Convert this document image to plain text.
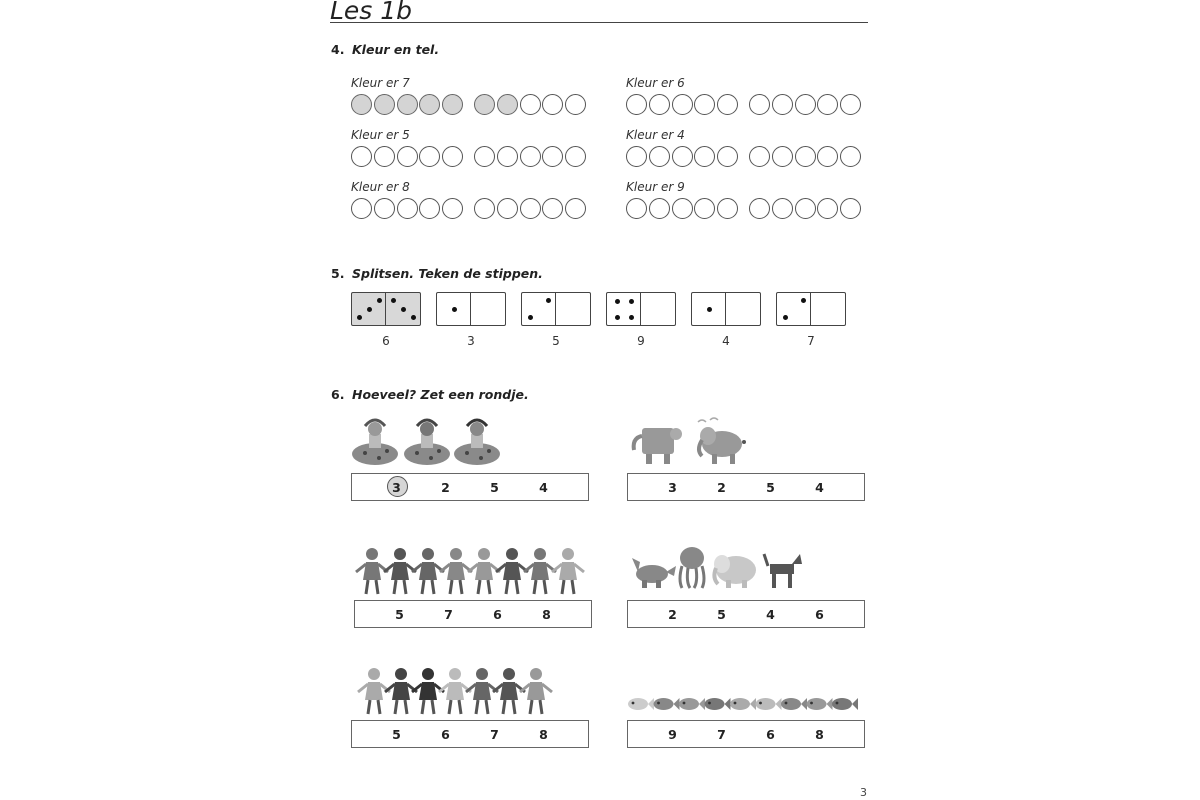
Les 1b
4. Kleur en tel.
Kleur er 7	Kleur er 6
Kleur er 5	Kleur er 4
Kleur er 8	Kleur er 9
5. Splitsen. Teken de stippen.
6	3	5	9	4	7
6. Hoeveel? Zet een rondje.
3	2	5	4	3	2	5	4
5	7	6	8	2	5	4	6
5	6	7	8	9	7	6	8
3
